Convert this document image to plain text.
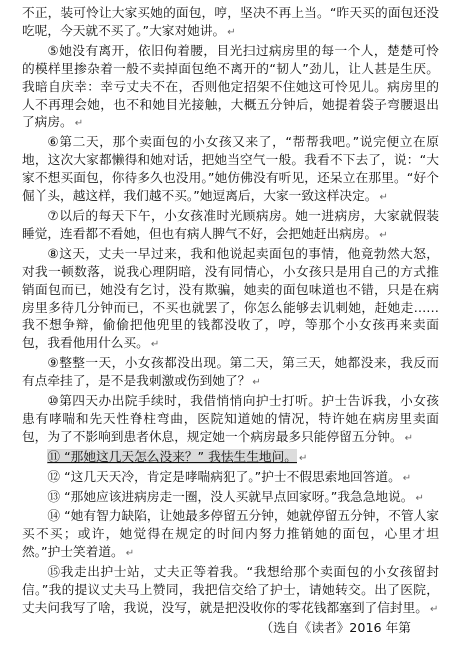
不正，装可怜让大家买她的面包，哼，坚决不再上当。“昨天买的面包还没吃呢，今天就不买了。”大家对她讲。 ↵

⑤她没有离开，依旧佝着腰，目光扫过病房里的每一个人，楚楚可怜的模样里掺杂着一般不卖掉面包绝不离开的“韧人”劲儿，让人甚是生厌。我暗自庆幸：幸亏丈夫不在，否则他定招架不住她这可怜见儿。病房里的人不再理会她，也不和她目光接触，大概五分钟后，她提着袋子弯腰退出了病房。 ↵

⑥第二天，那个卖面包的小女孩又来了，“帮帮我吧。”说完便立在原地，这次大家都懒得和她对话，把她当空气一般。我看不下去了，说：“大家不想买面包，你待多久也没用。”她仿佛没有听见，还呆立在那里。“好个倔丫头，越这样，我们越不买。”她逗离后，大家一致这样决定。 ↵

⑦以后的每天下午，小女孩准时光顾病房。她一进病房，大家就假装睡觉，连看都不看她，但也有病人脾气不好，会把她赶出病房。 ↵

⑧这天，丈夫一早过来，我和他说起卖面包的事情，他竟勃然大怒，对我一顿数落，说我心理阴暗，没有同情心，小女孩只是用自己的方式推销面包而已，她没有乞讨，没有欺骗，她卖的面包味道也不错，只是在病房里多待几分钟而已，不买也就罢了，你怎么能够去讥刺她，赶她走……我不想争辩，偷偷把他兜里的钱都没收了，哼，等那个小女孩再来卖面包，我看他用什么买。 ↵

⑨整整一天，小女孩都没出现。第二天，第三天，她都没来，我反而有点牵挂了，是不是我刺激或伤到她了？ ↵

⑩第四天办出院手续时，我借悄悄向护士打听。护士告诉我，小女孩患有哮喘和先天性脊柱弯曲，医院知道她的情况，特许她在病房里卖面包，为了不影响到患者休息，规定她一个病房最多只能停留五分钟。 ↵

⑪ “那她这几天怎么没来？” 我怯生生地问。 ↵

⑫ “这几天天冷，肯定是哮喘病犯了。”护士不假思索地回答道。 ↵

⑬ “那她应该进病房走一圈，没人买就早点回家呀。”我急急地说。 ↵

⑭ “她有智力缺陷，让她最多停留五分钟，她就停留五分钟，不管人家买不买；或许，她觉得在规定的时间内努力推销她的面包，心里才坦然。”护士笑着道。 ↵

⑮我走出护士站，丈夫正等着我。“我想给那个卖面包的小女孩留封信。”我的提议丈夫马上赞同，我把信交给了护士，请她转交。出了医院，丈夫问我写了啥，我说，没写，就是把没收你的零花钱都塞到了信封里。 ↵

（选自《读者》2016 年第
